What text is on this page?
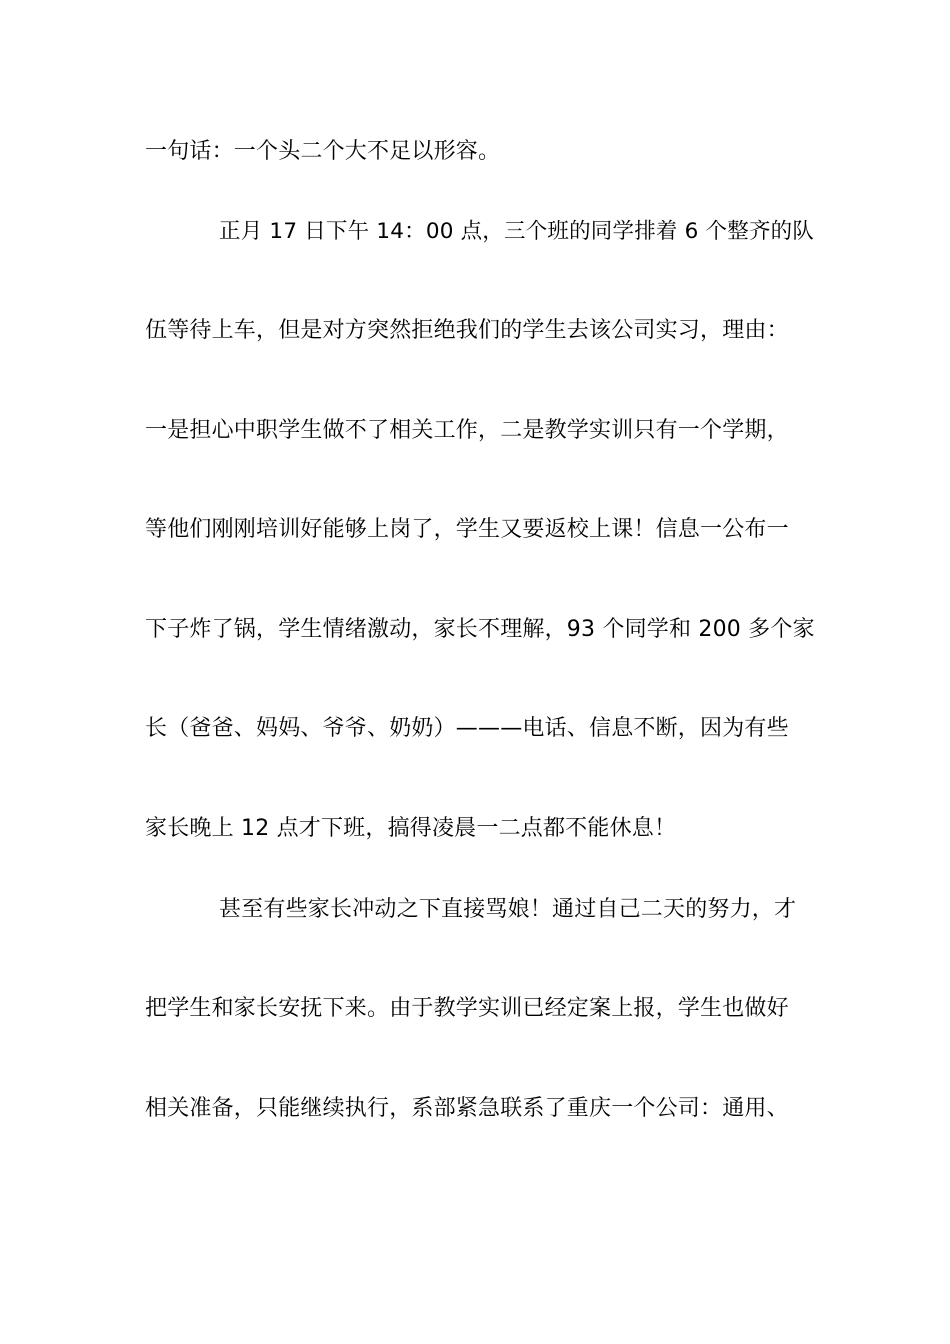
一句话：一个头二个大不足以形容。
正月 17 日下午 14：00 点，三个班的同学排着 6 个整齐的队
伍等待上车，但是对方突然拒绝我们的学生去该公司实习，理由：
一是担心中职学生做不了相关工作，二是教学实训只有一个学期，
等他们刚刚培训好能够上岗了，学生又要返校上课！信息一公布一
下子炸了锅，学生情绪激动，家长不理解，93 个同学和 200 多个家
长（爸爸、妈妈、爷爷、奶奶）———电话、信息不断，因为有些
家长晚上 12 点才下班，搞得凌晨一二点都不能休息！
甚至有些家长冲动之下直接骂娘！通过自己二天的努力，才
把学生和家长安抚下来。由于教学实训已经定案上报，学生也做好
相关准备，只能继续执行，系部紧急联系了重庆一个公司：通用、
